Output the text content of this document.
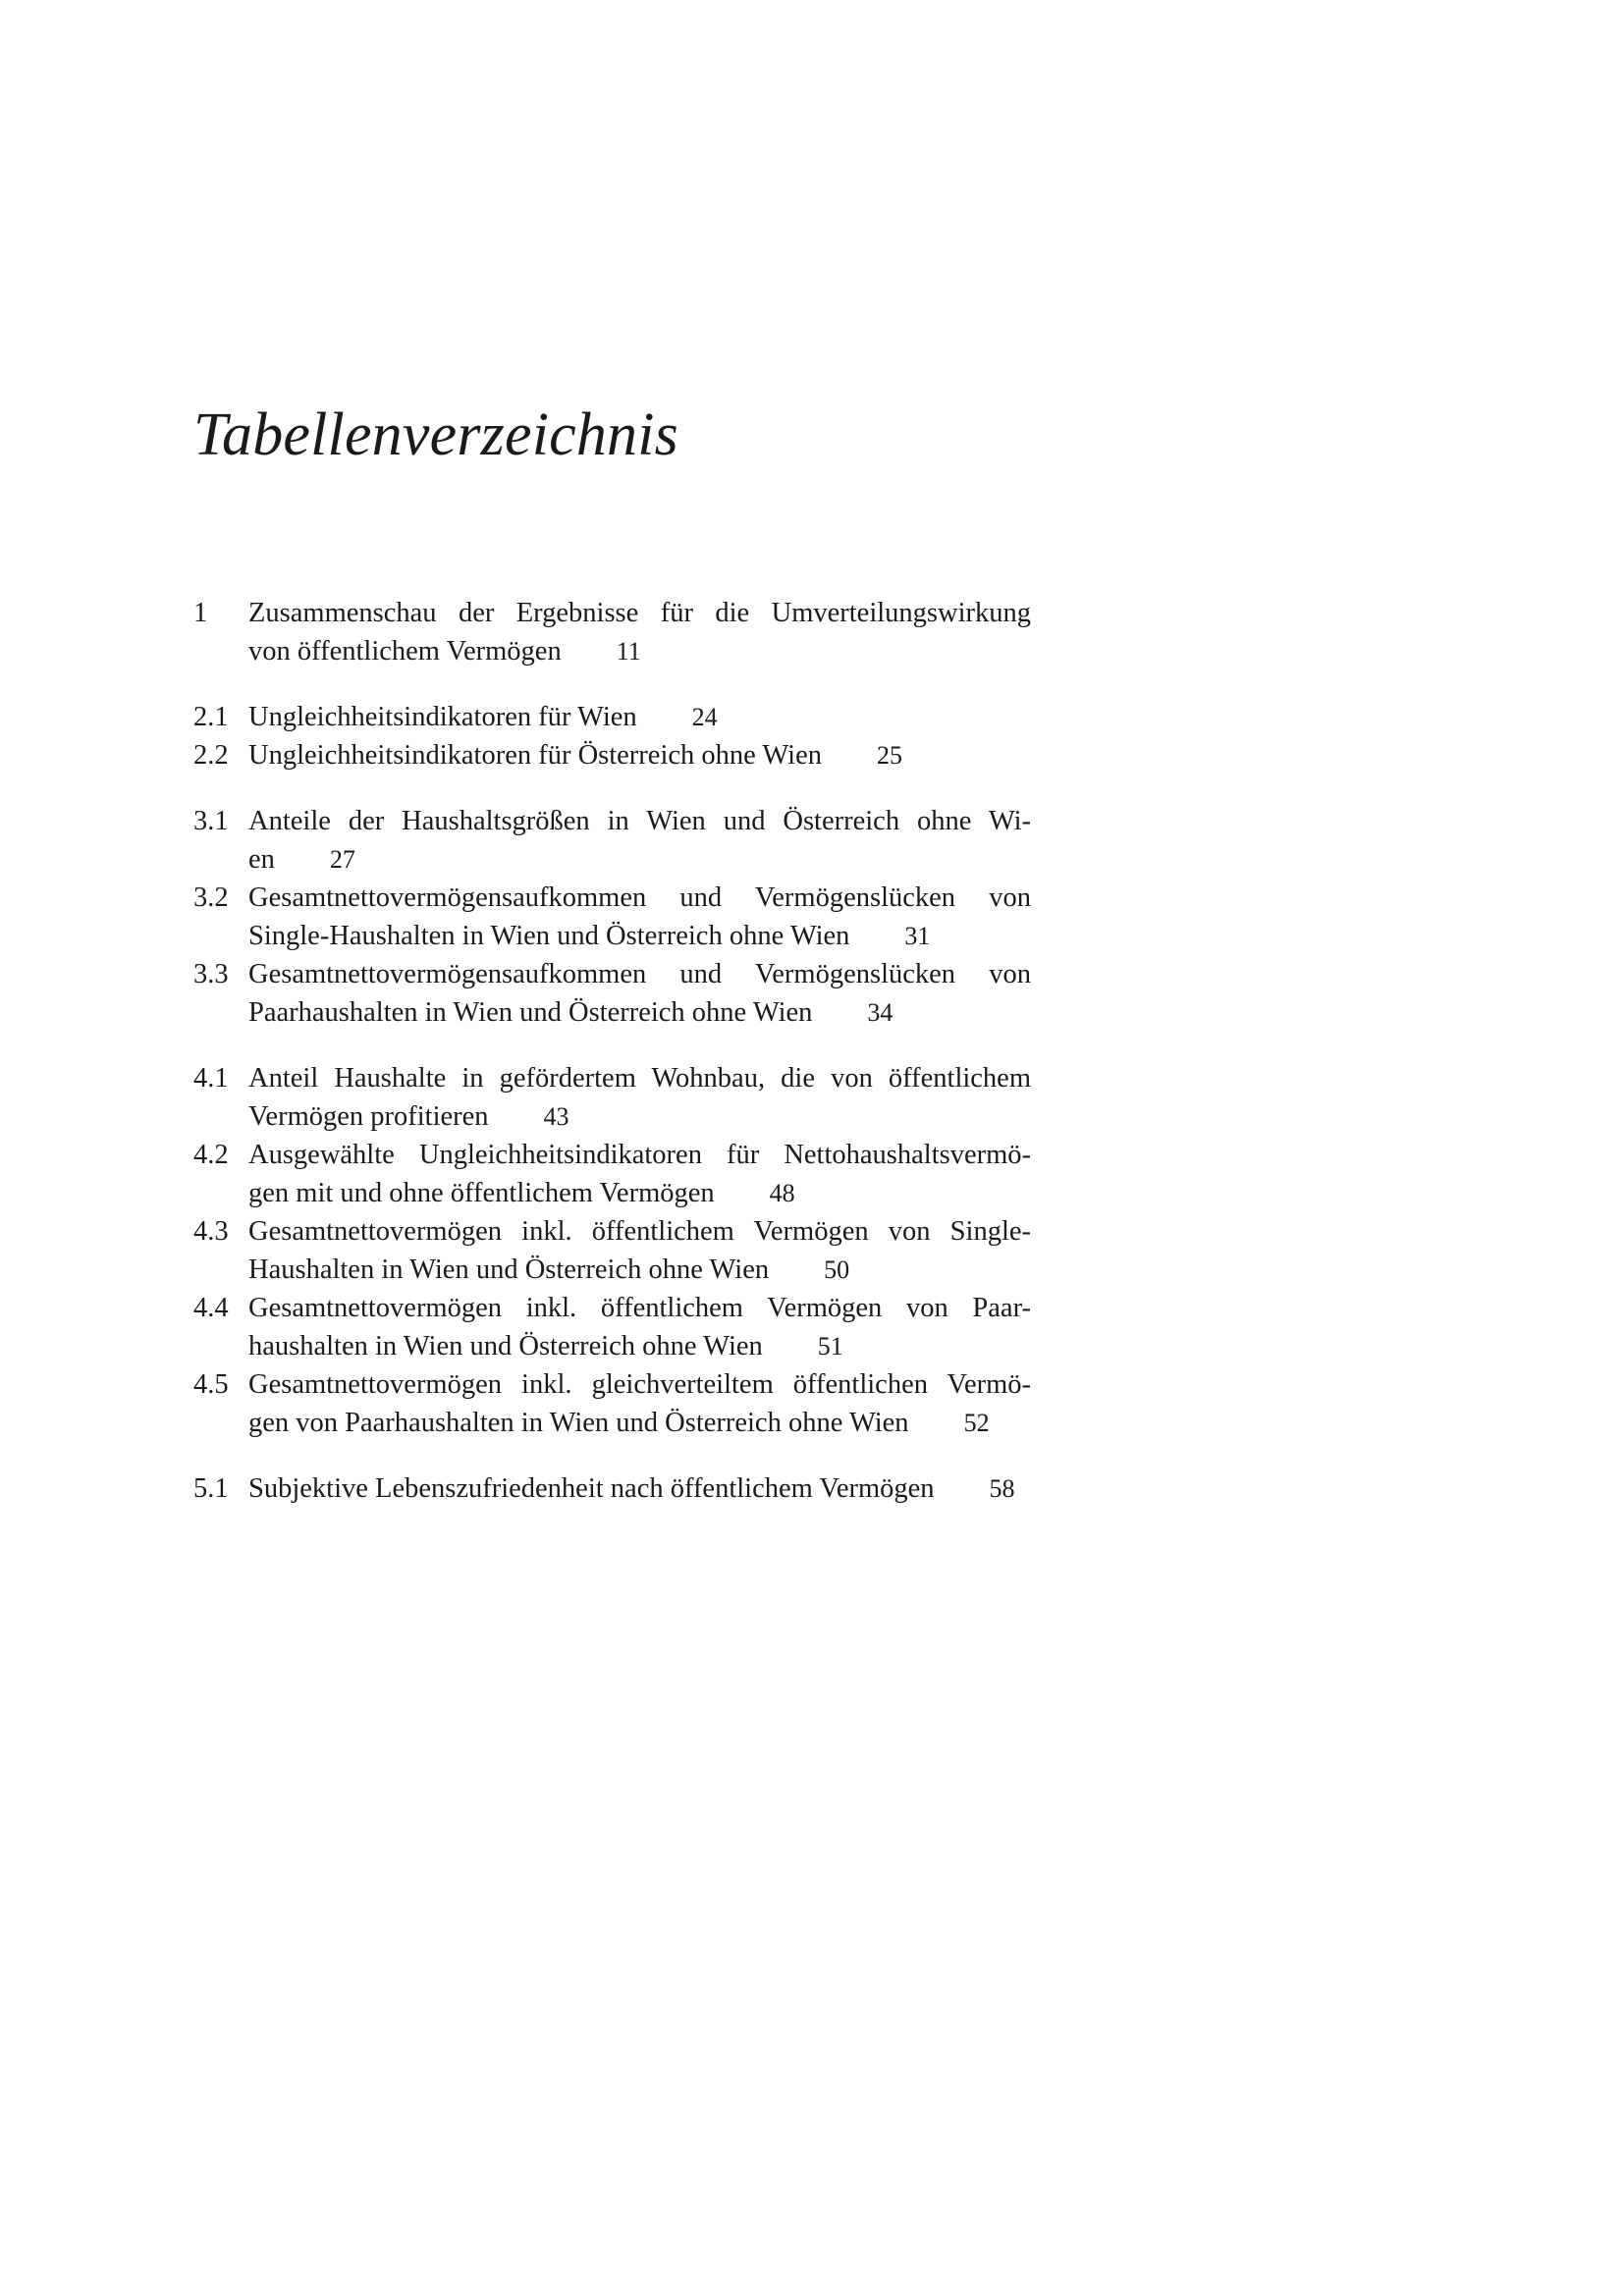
Tabellenverzeichnis
1	Zusammenschau der Ergebnisse für die Umverteilungswirkung
von öffentlichem Vermögen 11
2.1 Ungleichheitsindikatoren für Wien 24
2.2 Ungleichheitsindikatoren für Österreich ohne Wien 25
3.1 Anteile der Haushaltsgrößen in Wien und Österreich ohne Wi-
en 27
3.2 Gesamtnettovermögensaufkommen und Vermögenslücken von
Single-Haushalten in Wien und Österreich ohne Wien 31
3.3 Gesamtnettovermögensaufkommen und Vermögenslücken von
Paarhaushalten in Wien und Österreich ohne Wien 34
4.1 Anteil Haushalte in gefördertem Wohnbau, die von öffentlichem
Vermögen profitieren 43
4.2 Ausgewählte Ungleichheitsindikatoren für Nettohaushaltsvermö-
gen mit und ohne öffentlichem Vermögen 48
4.3 Gesamtnettovermögen inkl. öffentlichem Vermögen von Single-
Haushalten in Wien und Österreich ohne Wien 50
4.4 Gesamtnettovermögen inkl. öffentlichem Vermögen von Paar-
haushalten in Wien und Österreich ohne Wien 51
4.5 Gesamtnettovermögen inkl. gleichverteiltem öffentlichen Vermö-
gen von Paarhaushalten in Wien und Österreich ohne Wien 52
5.1 Subjektive Lebenszufriedenheit nach öffentlichem Vermögen 58
